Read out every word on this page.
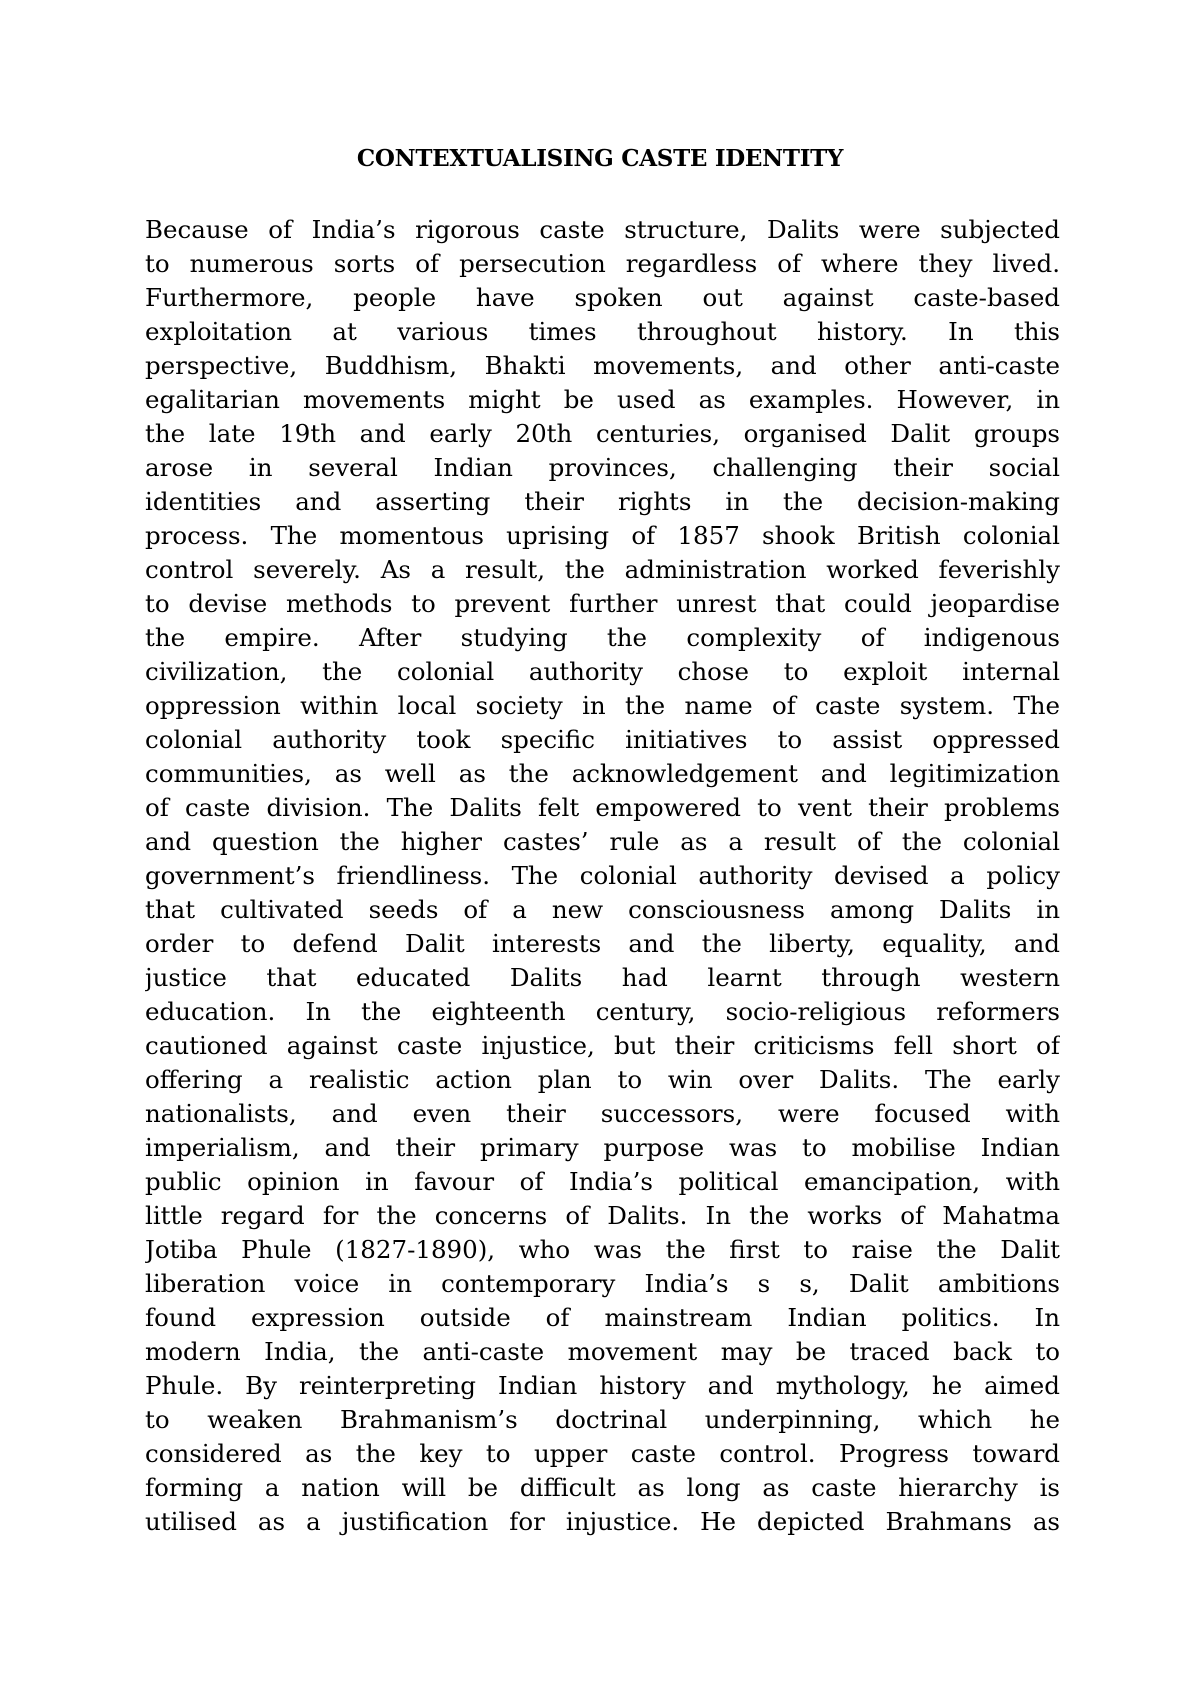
CONTEXTUALISING CASTE IDENTITY
Because of India’s rigorous caste structure, Dalits were subjected
to numerous sorts of persecution regardless of where they lived.
Furthermore, people have spoken out against caste-based
exploitation at various times throughout history. In this
perspective, Buddhism, Bhakti movements, and other anti-caste
egalitarian movements might be used as examples. However, in
the late 19th and early 20th centuries, organised Dalit groups
arose in several Indian provinces, challenging their social
identities and asserting their rights in the decision-making
process. The momentous uprising of 1857 shook British colonial
control severely. As a result, the administration worked feverishly
to devise methods to prevent further unrest that could jeopardise
the empire. After studying the complexity of indigenous
civilization, the colonial authority chose to exploit internal
oppression within local society in the name of caste system. The
colonial authority took specific initiatives to assist oppressed
communities, as well as the acknowledgement and legitimization
of caste division. The Dalits felt empowered to vent their problems
and question the higher castes’ rule as a result of the colonial
government’s friendliness. The colonial authority devised a policy
that cultivated seeds of a new consciousness among Dalits in
order to defend Dalit interests and the liberty, equality, and
justice that educated Dalits had learnt through western
education. In the eighteenth century, socio-religious reformers
cautioned against caste injustice, but their criticisms fell short of
offering a realistic action plan to win over Dalits. The early
nationalists, and even their successors, were focused with
imperialism, and their primary purpose was to mobilise Indian
public opinion in favour of India’s political emancipation, with
little regard for the concerns of Dalits. In the works of Mahatma
Jotiba Phule (1827-1890), who was the first to raise the Dalit
liberation voice in contemporary India’s s s, Dalit ambitions
found expression outside of mainstream Indian politics. In
modern India, the anti-caste movement may be traced back to
Phule. By reinterpreting Indian history and mythology, he aimed
to weaken Brahmanism’s doctrinal underpinning, which he
considered as the key to upper caste control. Progress toward
forming a nation will be difficult as long as caste hierarchy is
utilised as a justification for injustice. He depicted Brahmans as
